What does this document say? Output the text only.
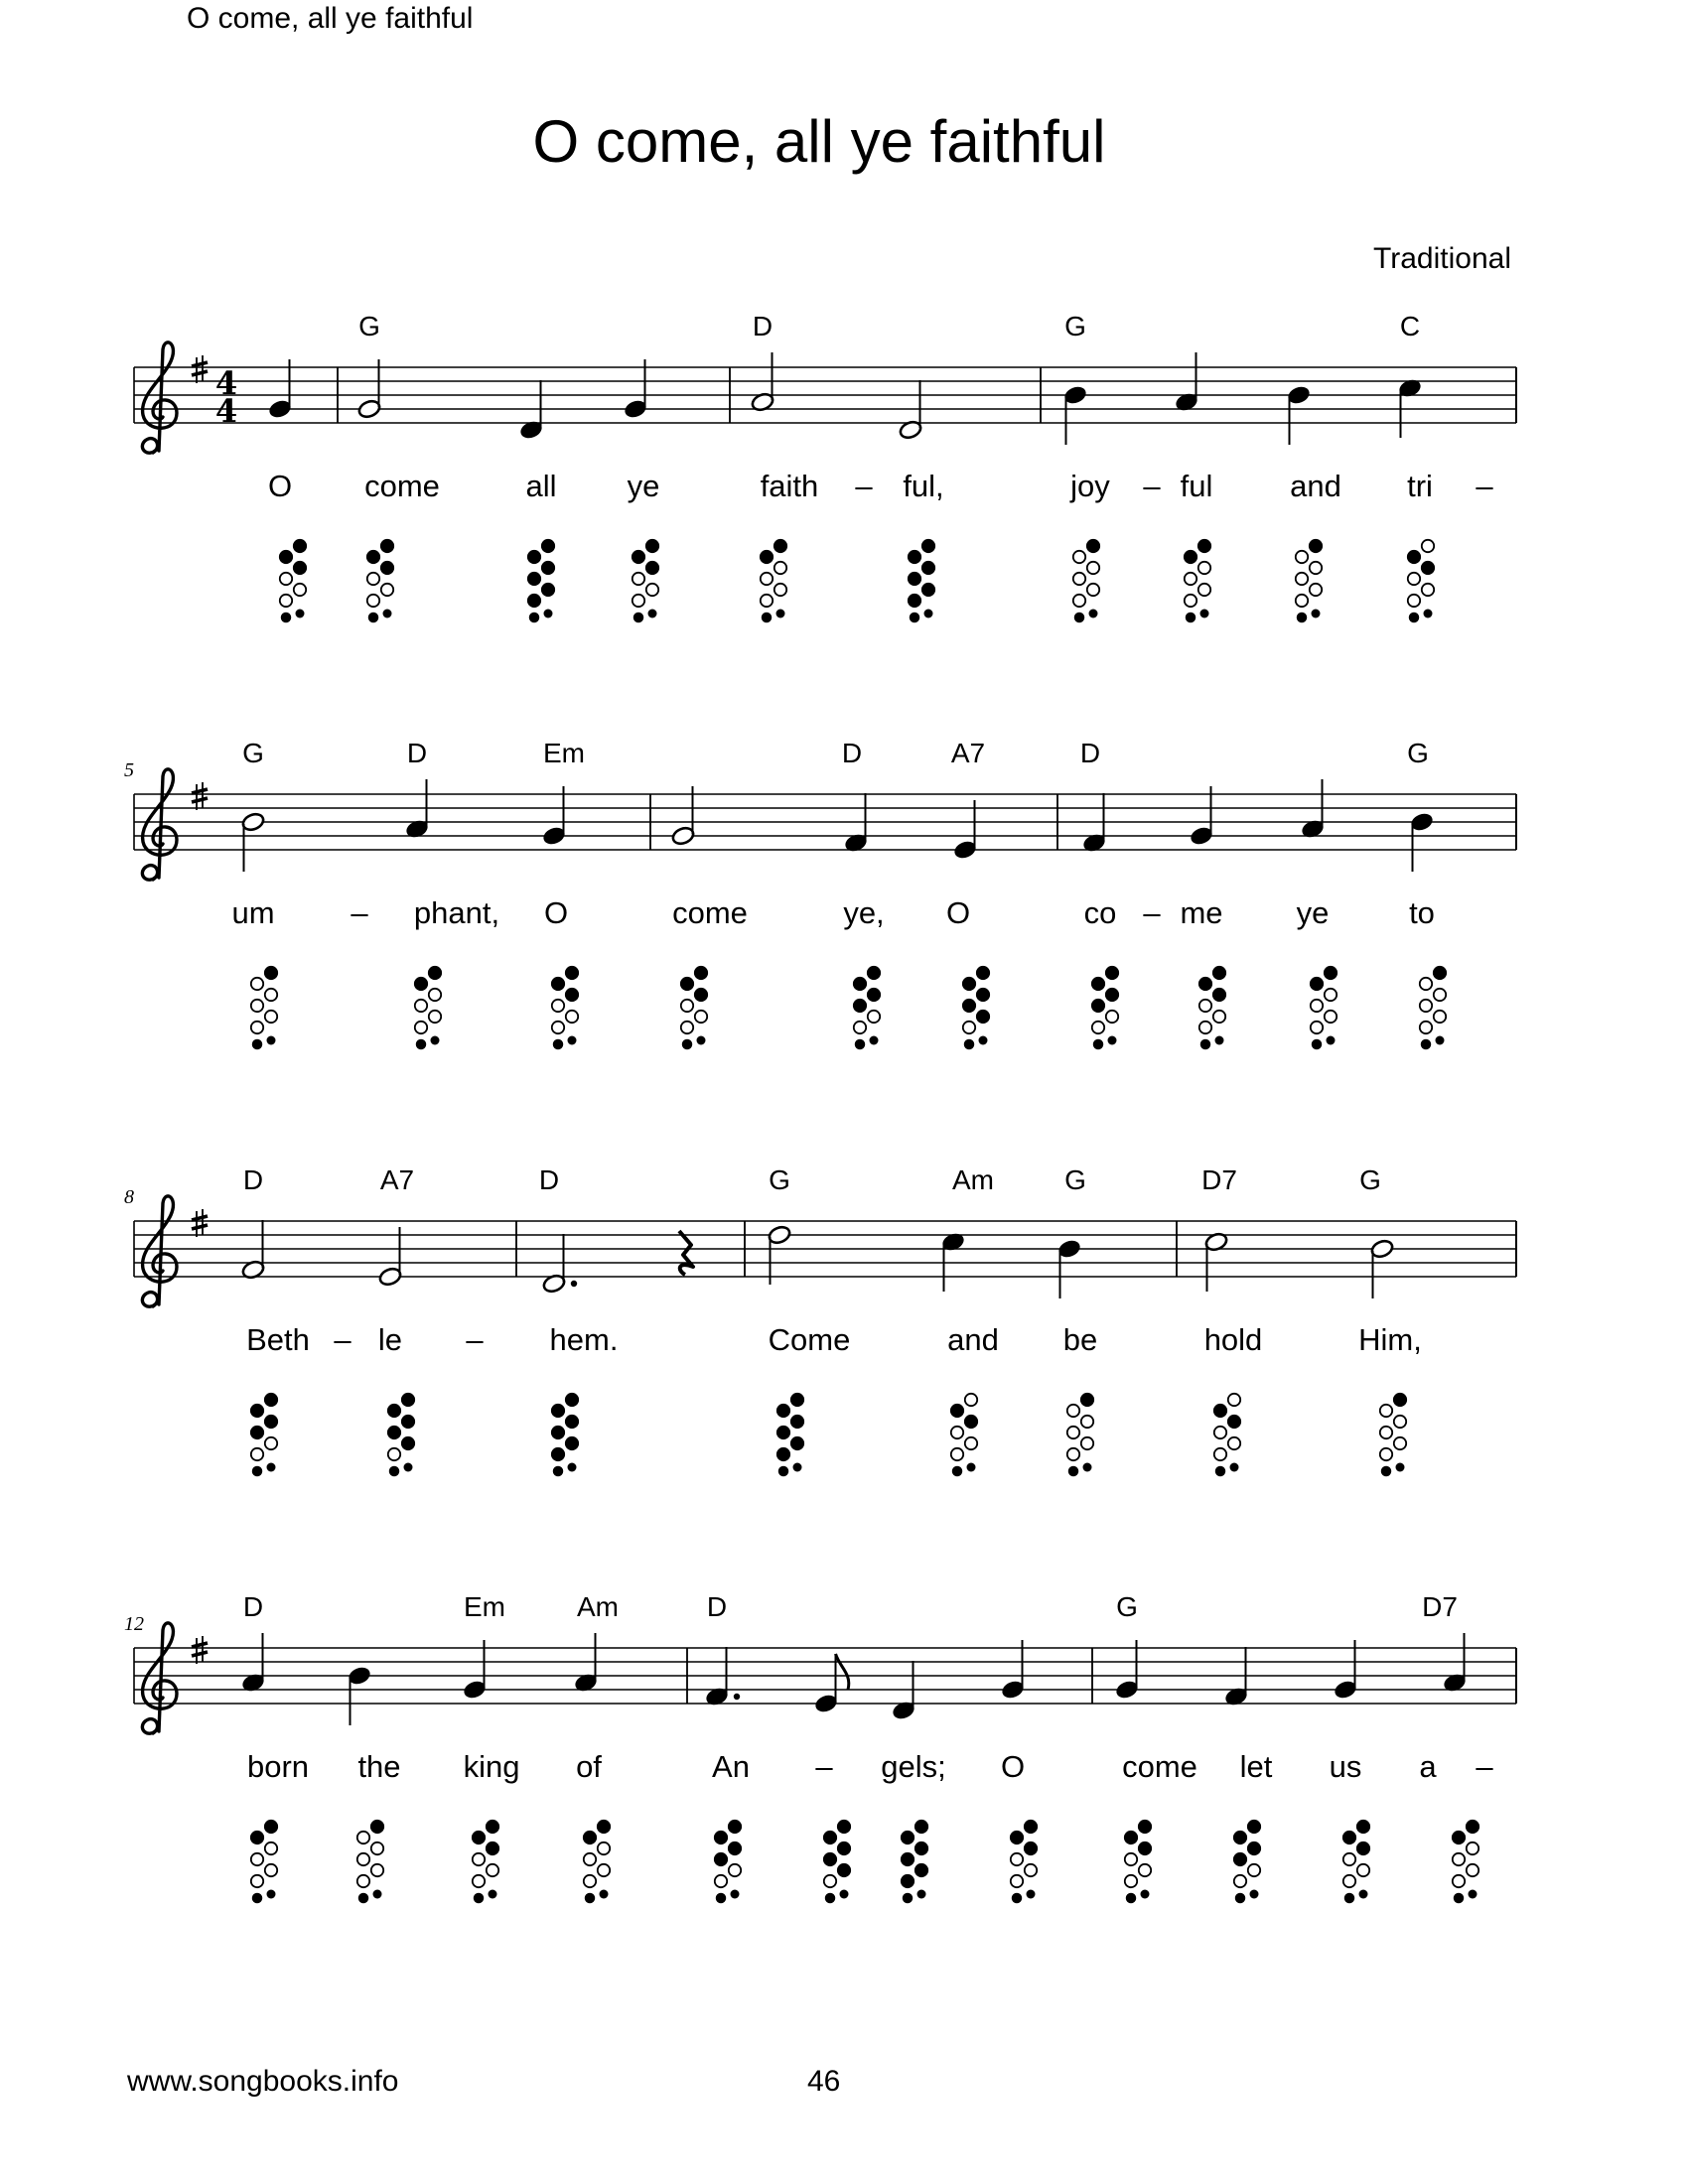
O come, all ye faithful
O come, all ye faithful
Traditional
4
4
G	D	G	C
O come	all ye	faith – ful,	joy – ful	and tri –
5
G	D	Em	D	A7	D	G
um – phant, O	come	ye, O	co – me ye	to
8
D	A7	D	G	Am	G	D7	G
Beth – le – hem.	Come	and be	hold	Him,
12
D	Em	Am	D	G	D7
born the king of	An – gels; O	come let us a –
www.songbooks.info	46
